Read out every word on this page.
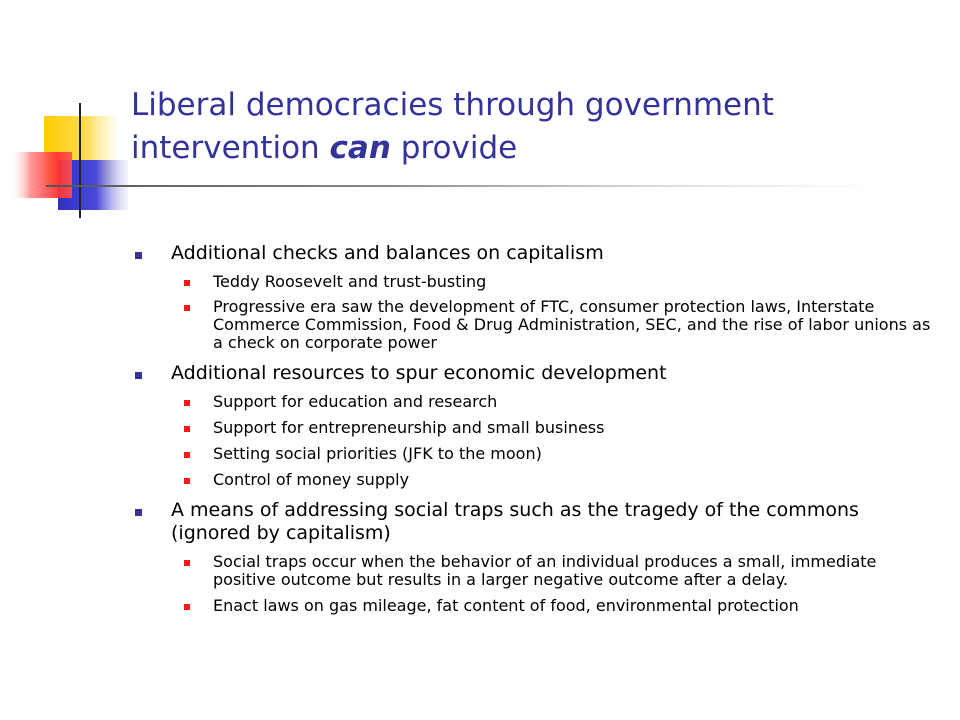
Liberal democracies through government intervention can provide
Additional checks and balances on capitalism
Teddy Roosevelt and trust-busting
Progressive era saw the development of FTC, consumer protection laws, Interstate Commerce Commission, Food & Drug Administration, SEC, and the rise of labor unions as a check on corporate power
Additional resources to spur economic development
Support for education and research
Support for entrepreneurship and small business
Setting social priorities (JFK to the moon)
Control of money supply
A means of addressing social traps such as the tragedy of the commons (ignored by capitalism)
Social traps occur when the behavior of an individual produces a small, immediate positive outcome but results in a larger negative outcome after a delay.
Enact laws on gas mileage, fat content of food, environmental protection
